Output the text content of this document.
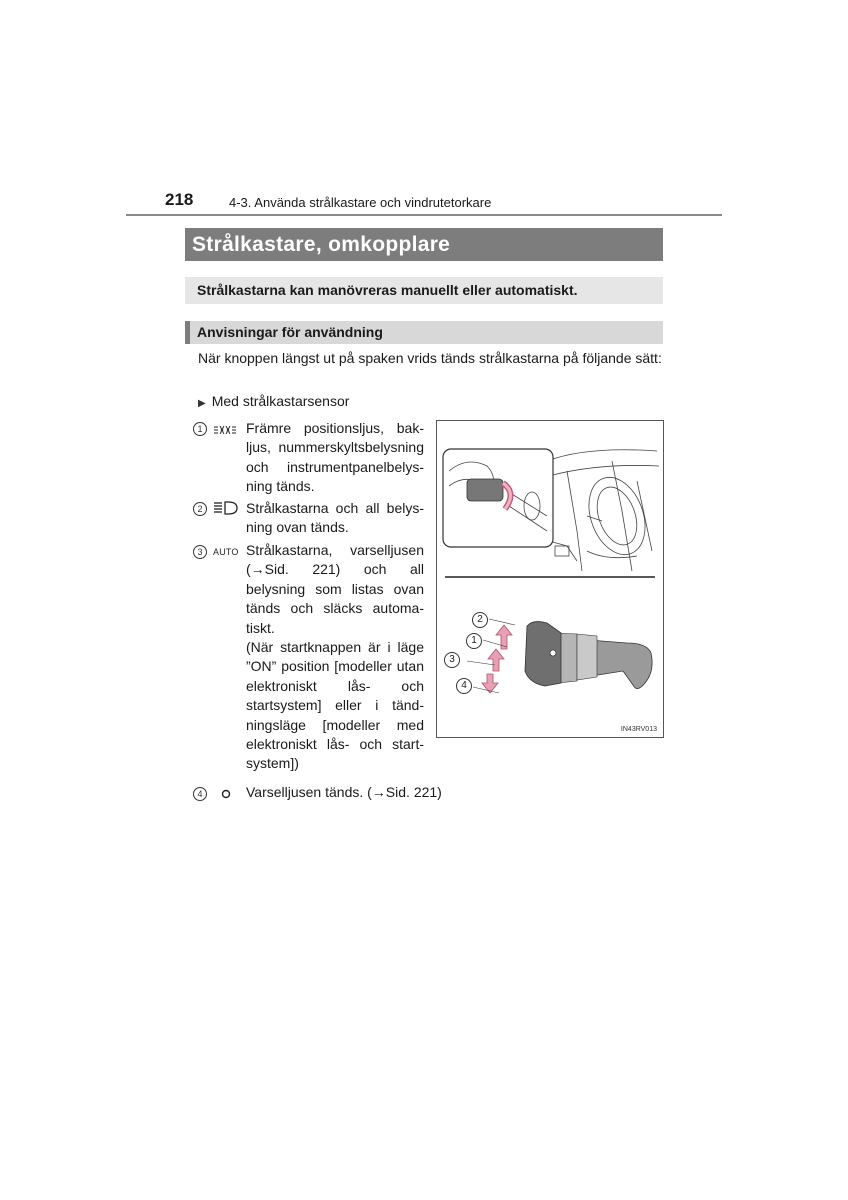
218	4-3. Använda strålkastare och vindrutetorkare
Strålkastare, omkopplare
Strålkastarna kan manövreras manuellt eller automatiskt.
Anvisningar för användning
När knoppen längst ut på spaken vrids tänds strålkastarna på följande sätt:
▶ Med strålkastarsensor
1	Främre positionsljus, bak-ljus, nummerskyltsbelysning och instrumentpanelbelys-ning tänds.
2	Strålkastarna och all belys-ning ovan tänds.
3	AUTO Strålkastarna, varselljusen (→Sid. 221) och all belysning som listas ovan tänds och släcks automa-tiskt.
(När startknappen är i läge ”ON” position [modeller utan elektroniskt lås- och startsystem] eller i tänd-ningsläge [modeller med elektroniskt lås- och start-system])
4	Varselljusen tänds. (→Sid. 221)
2
1
3
4
IN43RV013
